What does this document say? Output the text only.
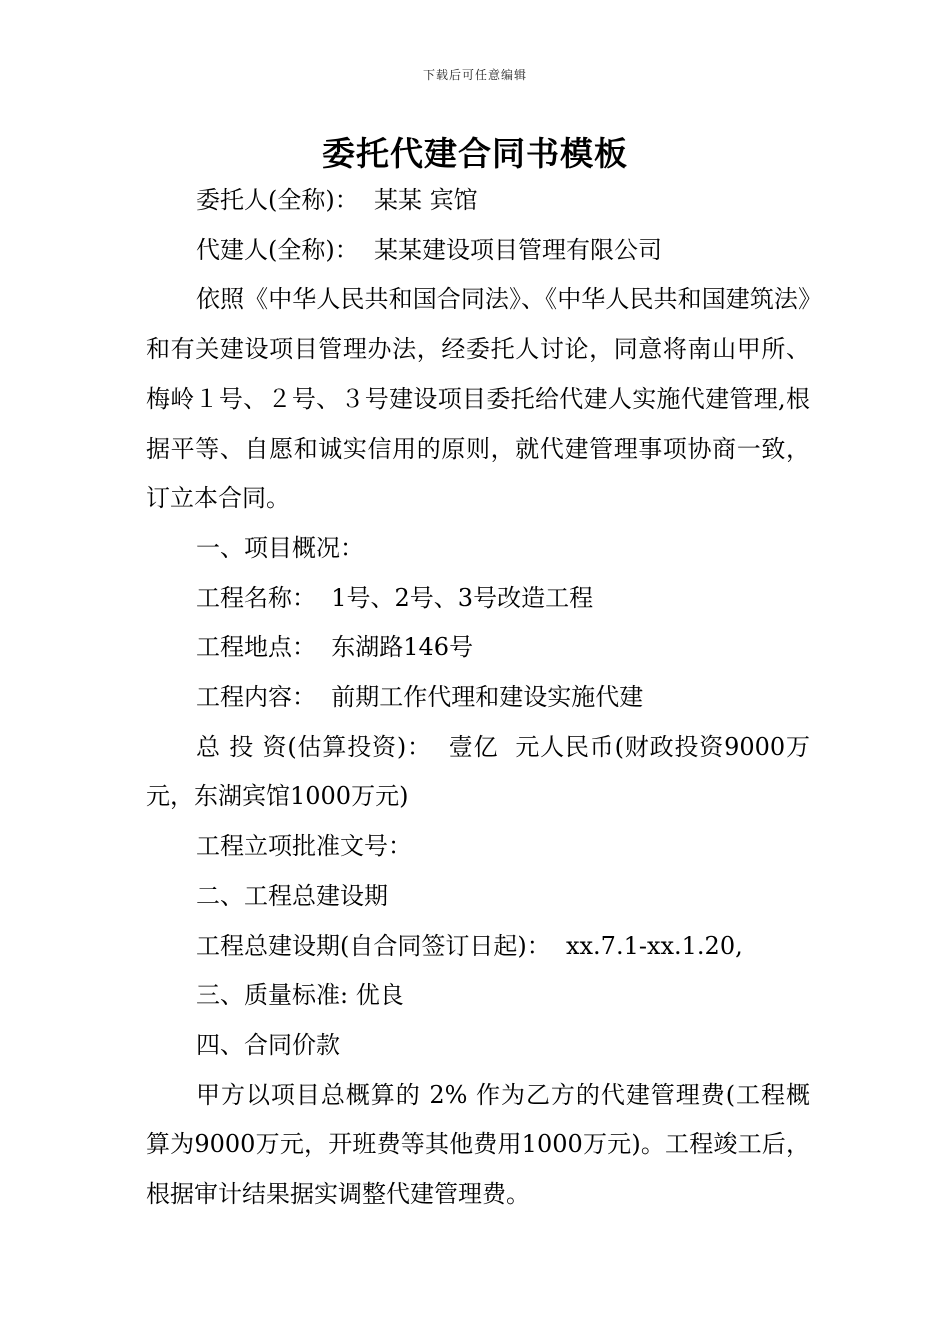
下载后可任意编辑
委托代建合同书模板

委托人(全称)：  某某 宾馆

代建人(全称)：  某某建设项目管理有限公司

依照《中华人民共和国合同法》、《中华人民共和国建筑法》和有关建设项目管理办法，经委托人讨论，同意将南山甲所、梅岭１号、２号、３号建设项目委托给代建人实施代建管理,根据平等、自愿和诚实信用的原则，就代建管理事项协商一致，订立本合同。

一、项目概况：

工程名称：  1号、2号、3号改造工程

工程地点：  东湖路146号

工程内容：  前期工作代理和建设实施代建

总 投 资(估算投资)：  壹亿  元人民币(财政投资9000万元，东湖宾馆1000万元)

工程立项批准文号：

二、工程总建设期

工程总建设期(自合同签订日起)：  xx.7.1-xx.1.20,

三、质量标准: 优良

四、合同价款

甲方以项目总概算的 2% 作为乙方的代建管理费(工程概算为9000万元，开班费等其他费用1000万元)。工程竣工后，根据审计结果据实调整代建管理费。
